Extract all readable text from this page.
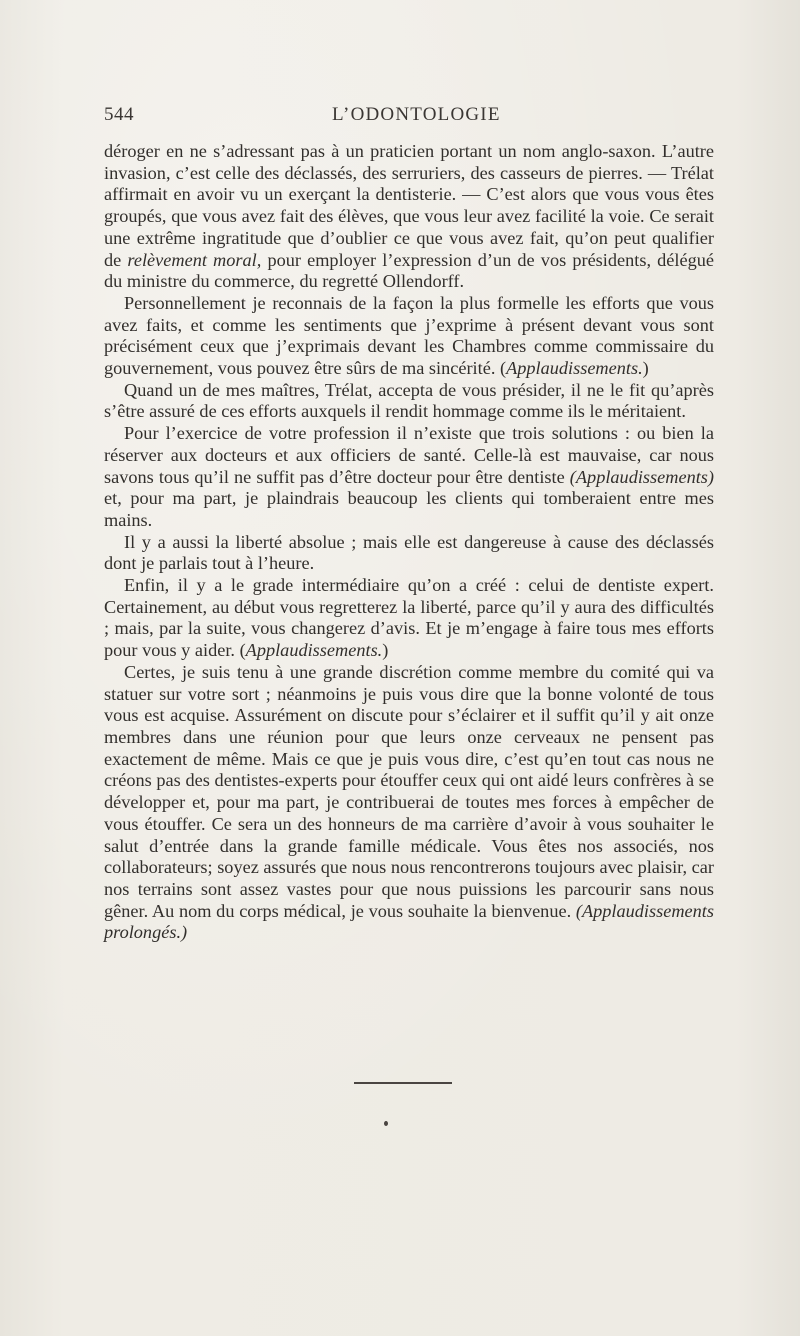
544	L’ODONTOLOGIE

déroger en ne s’adressant pas à un praticien portant un nom anglo-saxon. L’autre invasion, c’est celle des déclassés, des serruriers, des casseurs de pierres. — Trélat affirmait en avoir vu un exerçant la dentisterie. — C’est alors que vous vous êtes groupés, que vous avez fait des élèves, que vous leur avez facilité la voie. Ce serait une extrême ingratitude que d’oublier ce que vous avez fait, qu’on peut qualifier de relèvement moral, pour employer l’expression d’un de vos présidents, délégué du ministre du commerce, du regretté Ollendorff.

Personnellement je reconnais de la façon la plus formelle les efforts que vous avez faits, et comme les sentiments que j’exprime à présent devant vous sont précisément ceux que j’exprimais devant les Chambres comme commissaire du gouvernement, vous pouvez être sûrs de ma sincérité. (Applaudissements.)

Quand un de mes maîtres, Trélat, accepta de vous présider, il ne le fit qu’après s’être assuré de ces efforts auxquels il rendit hommage comme ils le méritaient.

Pour l’exercice de votre profession il n’existe que trois solutions : ou bien la réserver aux docteurs et aux officiers de santé. Celle-là est mauvaise, car nous savons tous qu’il ne suffit pas d’être docteur pour être dentiste (Applaudissements) et, pour ma part, je plaindrais beaucoup les clients qui tomberaient entre mes mains.

Il y a aussi la liberté absolue ; mais elle est dangereuse à cause des déclassés dont je parlais tout à l’heure.

Enfin, il y a le grade intermédiaire qu’on a créé : celui de dentiste expert. Certainement, au début vous regretterez la liberté, parce qu’il y aura des difficultés ; mais, par la suite, vous changerez d’avis. Et je m’engage à faire tous mes efforts pour vous y aider. (Applaudissements.)

Certes, je suis tenu à une grande discrétion comme membre du comité qui va statuer sur votre sort ; néanmoins je puis vous dire que la bonne volonté de tous vous est acquise. Assurément on discute pour s’éclairer et il suffit qu’il y ait onze membres dans une réunion pour que leurs onze cerveaux ne pensent pas exactement de même. Mais ce que je puis vous dire, c’est qu’en tout cas nous ne créons pas des dentistes-experts pour étouffer ceux qui ont aidé leurs confrères à se développer et, pour ma part, je contribuerai de toutes mes forces à empêcher de vous étouffer. Ce sera un des honneurs de ma carrière d’avoir à vous souhaiter le salut d’entrée dans la grande famille médicale. Vous êtes nos associés, nos collaborateurs; soyez assurés que nous nous rencontrerons toujours avec plaisir, car nos terrains sont assez vastes pour que nous puissions les parcourir sans nous gêner. Au nom du corps médical, je vous souhaite la bienvenue. (Applaudissements prolongés.)
